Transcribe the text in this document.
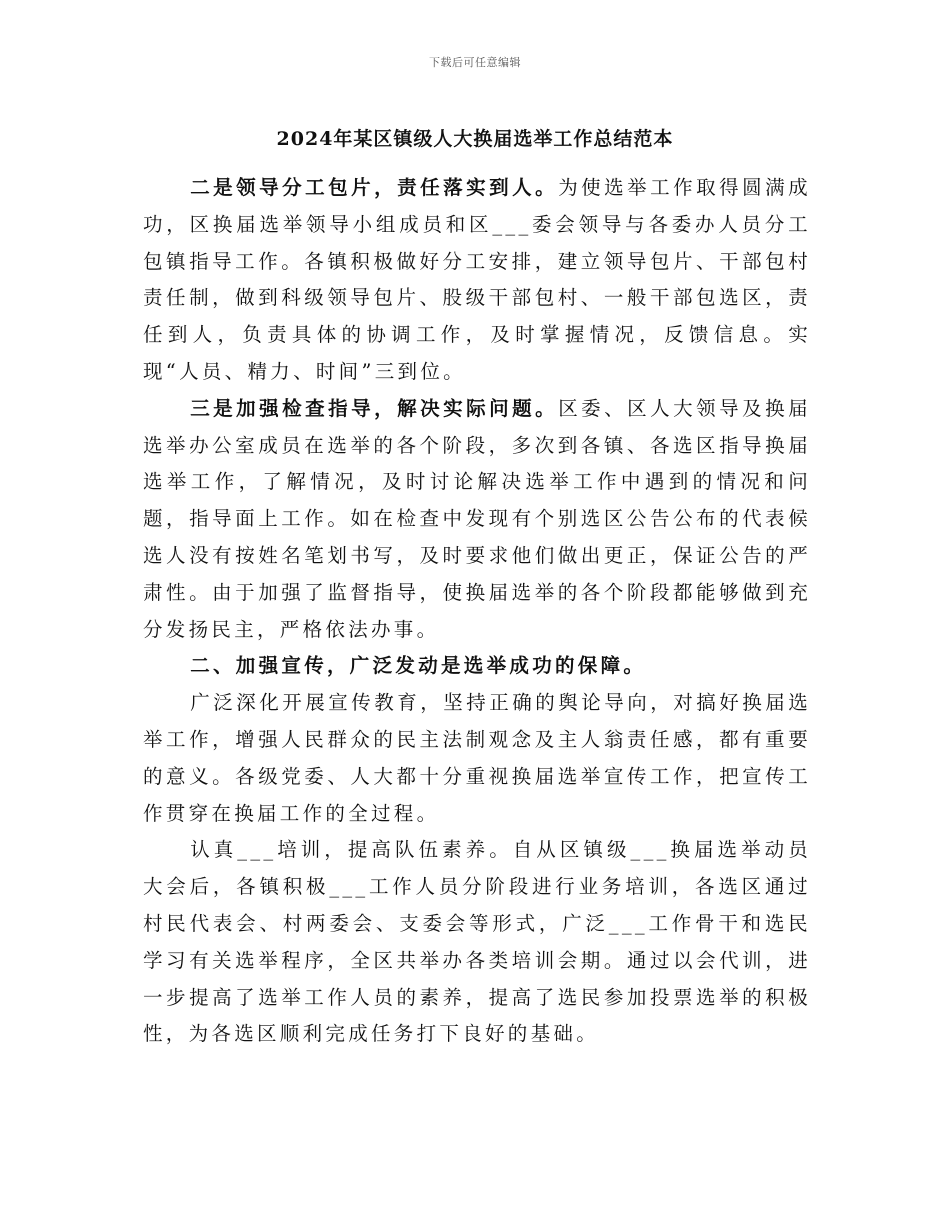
下载后可任意编辑
2024年某区镇级人大换届选举工作总结范本

二是领导分工包片，责任落实到人。为使选举工作取得圆满成功，区换届选举领导小组成员和区___委会领导与各委办人员分工包镇指导工作。各镇积极做好分工安排，建立领导包片、干部包村责任制，做到科级领导包片、股级干部包村、一般干部包选区，责任到人，负责具体的协调工作，及时掌握情况，反馈信息。实现“人员、精力、时间”三到位。

三是加强检查指导，解决实际问题。区委、区人大领导及换届选举办公室成员在选举的各个阶段，多次到各镇、各选区指导换届选举工作，了解情况，及时讨论解决选举工作中遇到的情况和问题，指导面上工作。如在检查中发现有个别选区公告公布的代表候选人没有按姓名笔划书写，及时要求他们做出更正，保证公告的严肃性。由于加强了监督指导，使换届选举的各个阶段都能够做到充分发扬民主，严格依法办事。

二、加强宣传，广泛发动是选举成功的保障。

广泛深化开展宣传教育，坚持正确的舆论导向，对搞好换届选举工作，增强人民群众的民主法制观念及主人翁责任感，都有重要的意义。各级党委、人大都十分重视换届选举宣传工作，把宣传工作贯穿在换届工作的全过程。

认真___培训，提高队伍素养。自从区镇级___换届选举动员大会后，各镇积极___工作人员分阶段进行业务培训，各选区通过村民代表会、村两委会、支委会等形式，广泛___工作骨干和选民学习有关选举程序，全区共举办各类培训会期。通过以会代训，进一步提高了选举工作人员的素养，提高了选民参加投票选举的积极性，为各选区顺利完成任务打下良好的基础。
